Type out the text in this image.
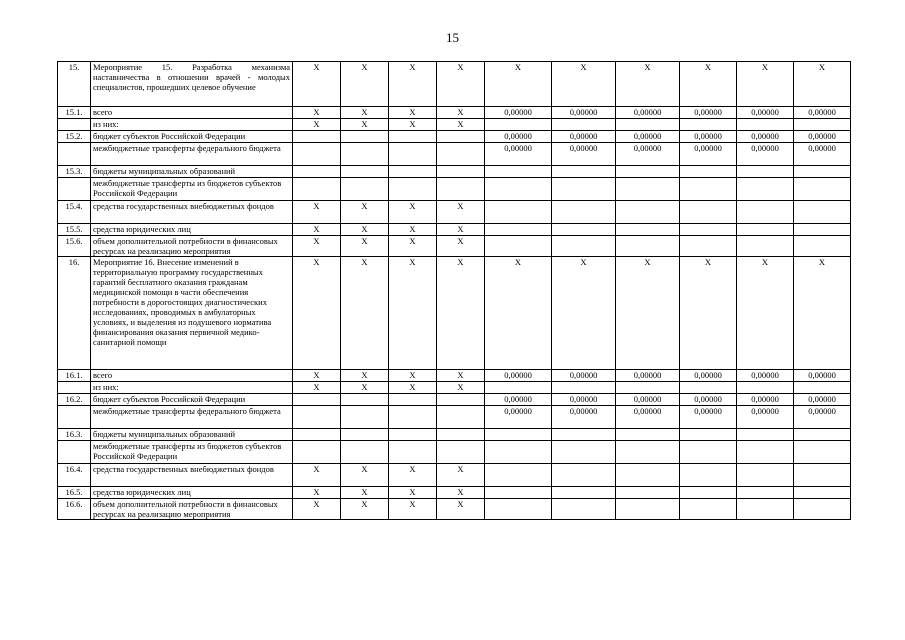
15
15.	Мероприятие 15. Разработка механизма наставничества в отношении врачей - молодых специалистов, прошедших целевое обучение	X	X	X	X	X	X	X	X	X	X
15.1.	всего	X	X	X	X	0,00000	0,00000	0,00000	0,00000	0,00000	0,00000
	из них:	X	X	X	X						
15.2.	бюджет субъектов Российской Федерации					0,00000	0,00000	0,00000	0,00000	0,00000	0,00000
	межбюджетные трансферты федерального бюджета					0,00000	0,00000	0,00000	0,00000	0,00000	0,00000
15.3.	бюджеты муниципальных образований										
	межбюджетные трансферты из бюджетов субъектов Российской Федерации										
15.4.	средства государственных внебюджетных фондов	X	X	X	X						
15.5.	средства юридических лиц	X	X	X	X						
15.6.	объем дополнительной потребности в финансовых ресурсах на реализацию мероприятия	X	X	X	X						
16.	Мероприятие 16. Внесение изменений в территориальную программу государственных гарантий бесплатного оказания гражданам медицинской помощи в части обеспечения потребности в дорогостоящих диагностических исследованиях, проводимых в амбулаторных условиях, и выделения из подушевого норматива финансирования оказания первичной медико-санитарной помощи	X	X	X	X	X	X	X	X	X	X
16.1.	всего	X	X	X	X	0,00000	0,00000	0,00000	0,00000	0,00000	0,00000
	из них:	X	X	X	X						
16.2.	бюджет субъектов Российской Федерации					0,00000	0,00000	0,00000	0,00000	0,00000	0,00000
	межбюджетные трансферты федерального бюджета					0,00000	0,00000	0,00000	0,00000	0,00000	0,00000
16.3.	бюджеты муниципальных образований										
	межбюджетные трансферты из бюджетов субъектов Российской Федерации										
16.4.	средства государственных внебюджетных фондов	X	X	X	X						
16.5.	средства юридических лиц	X	X	X	X						
16.6.	объем дополнительной потребности в финансовых ресурсах на реализацию мероприятия	X	X	X	X						
